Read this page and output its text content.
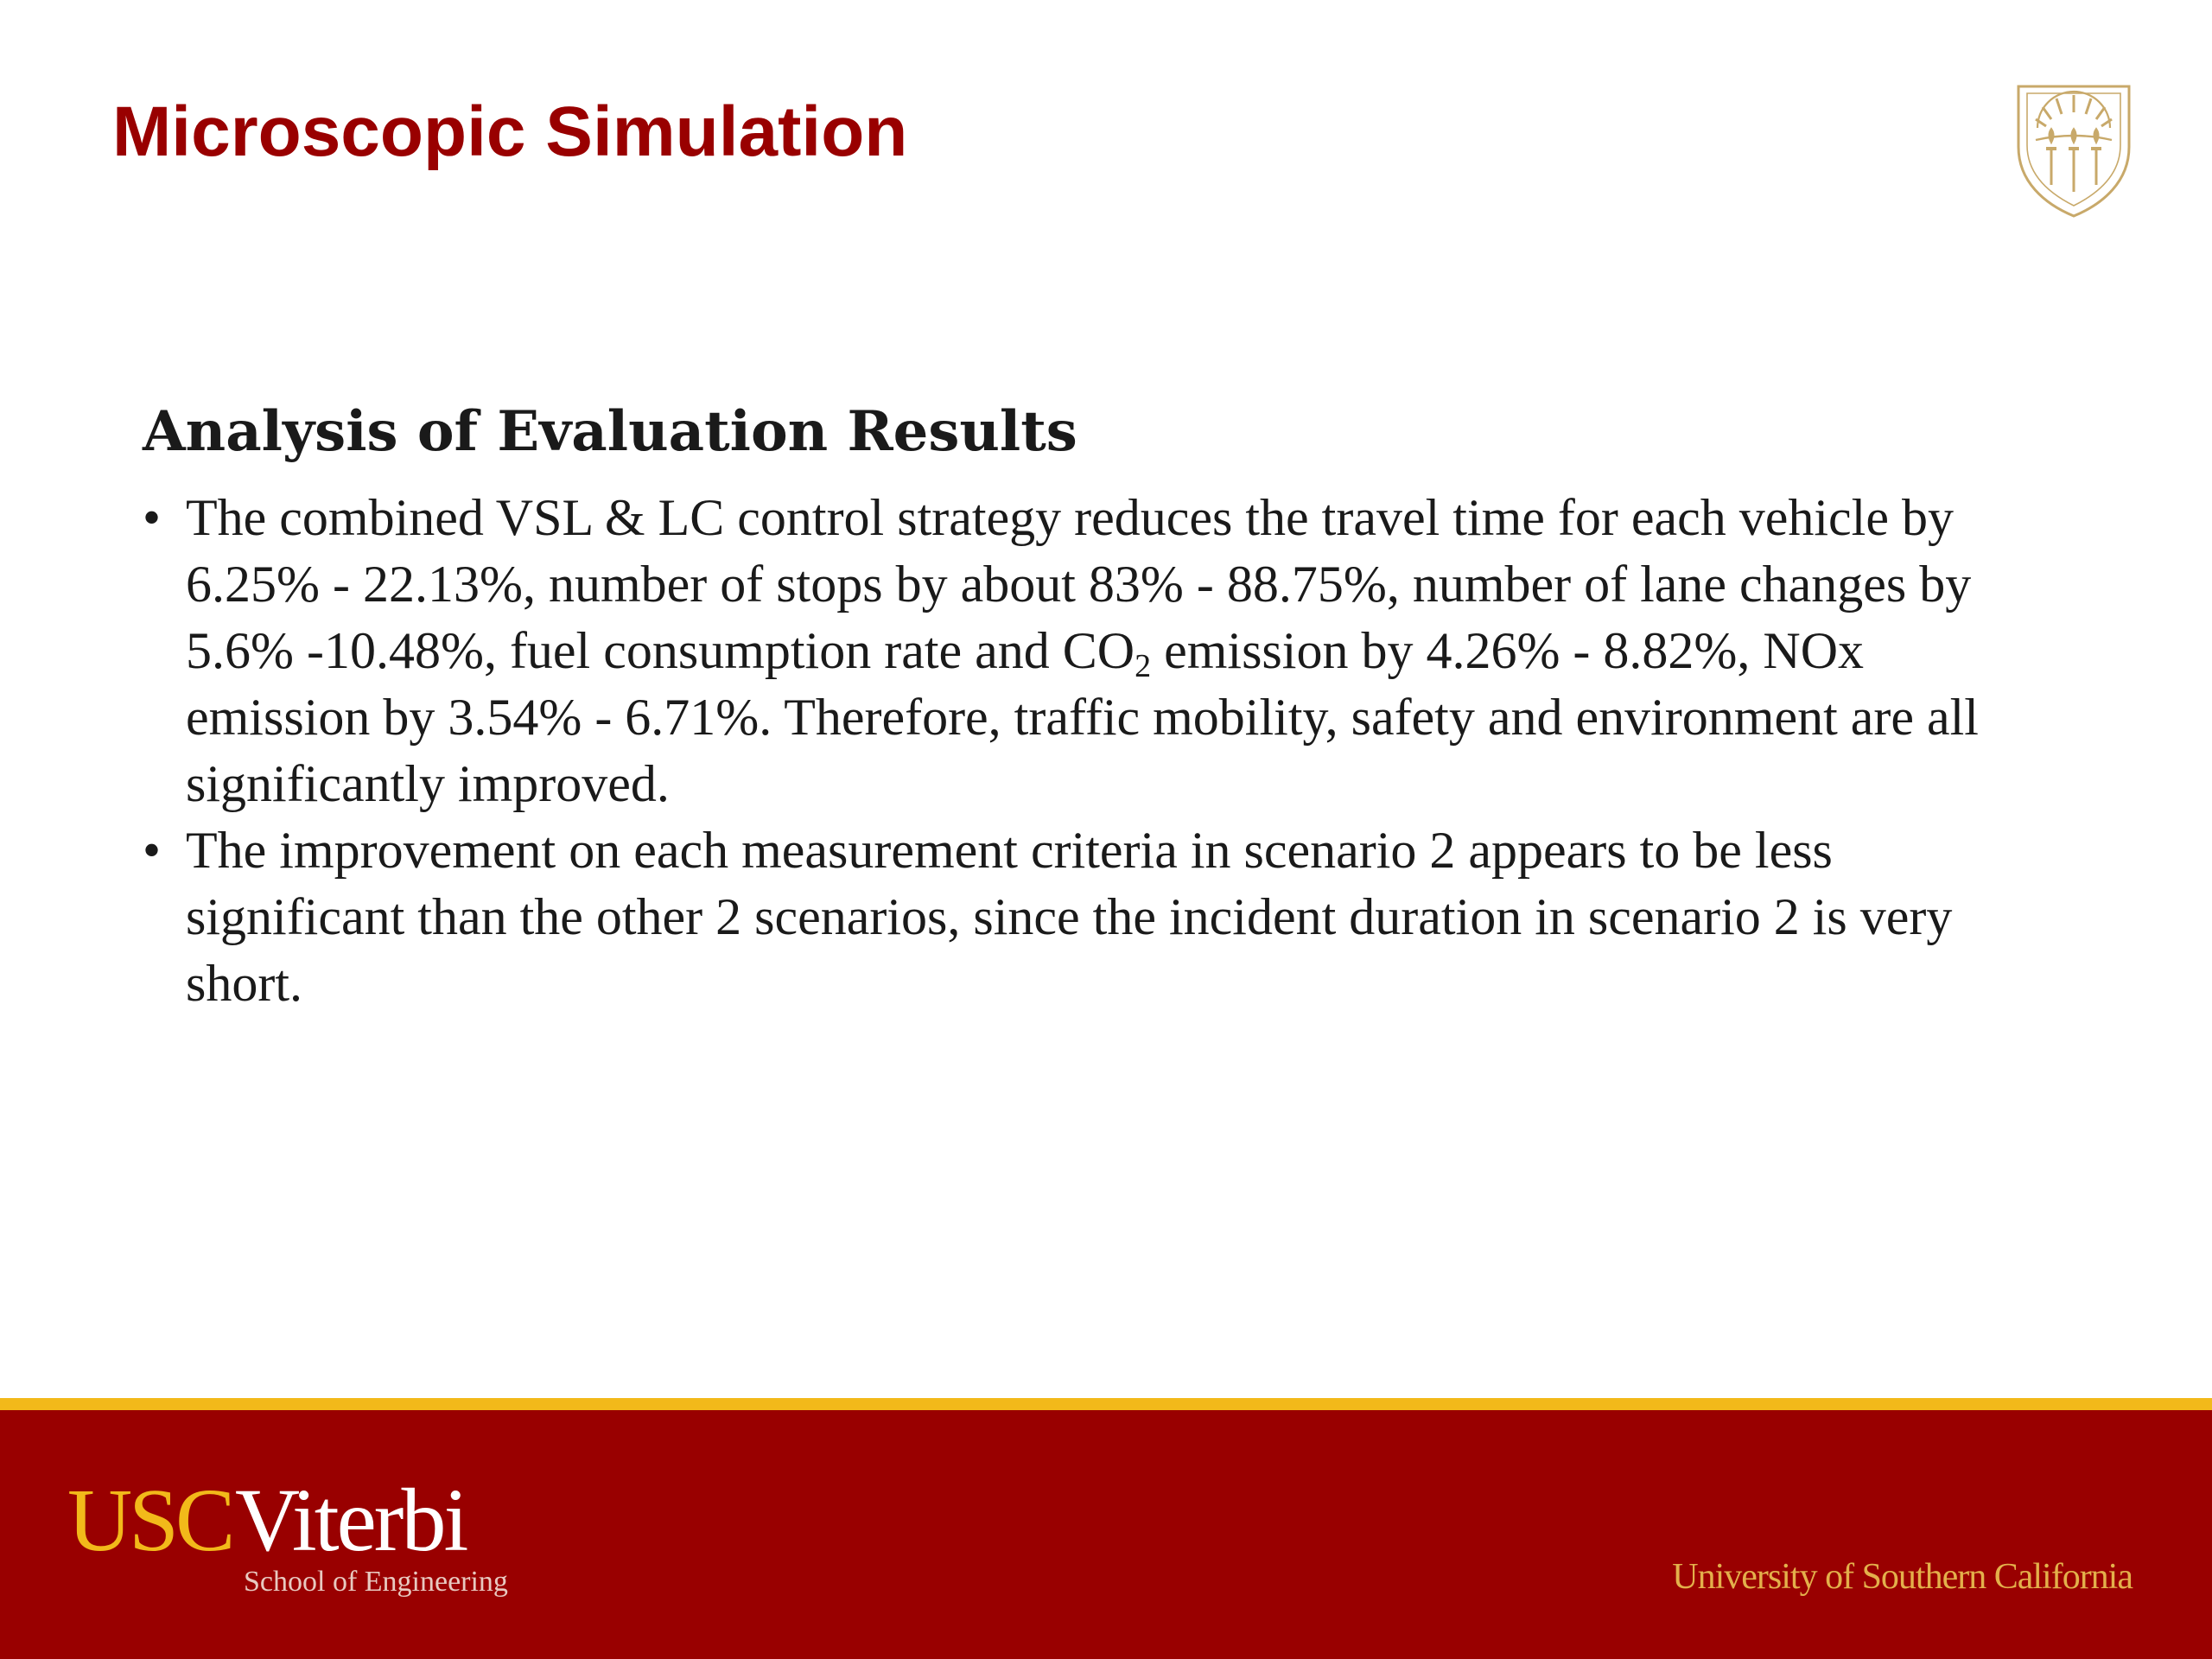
Microscopic Simulation
Analysis of Evaluation Results
• The combined VSL & LC control strategy reduces the travel time for each vehicle by 6.25% - 22.13%, number of stops by about 83% - 88.75%, number of lane changes by 5.6% -10.48%, fuel consumption rate and $CO_2$ emission by 4.26% - 8.82%, NOx emission by 3.54% - 6.71%. Therefore, traffic mobility, safety and environment are all significantly improved.
• The improvement on each measurement criteria in scenario 2 appears to be less significant than the other 2 scenarios, since the incident duration in scenario 2 is very short.
USC Viterbi
School of Engineering	University of Southern California
